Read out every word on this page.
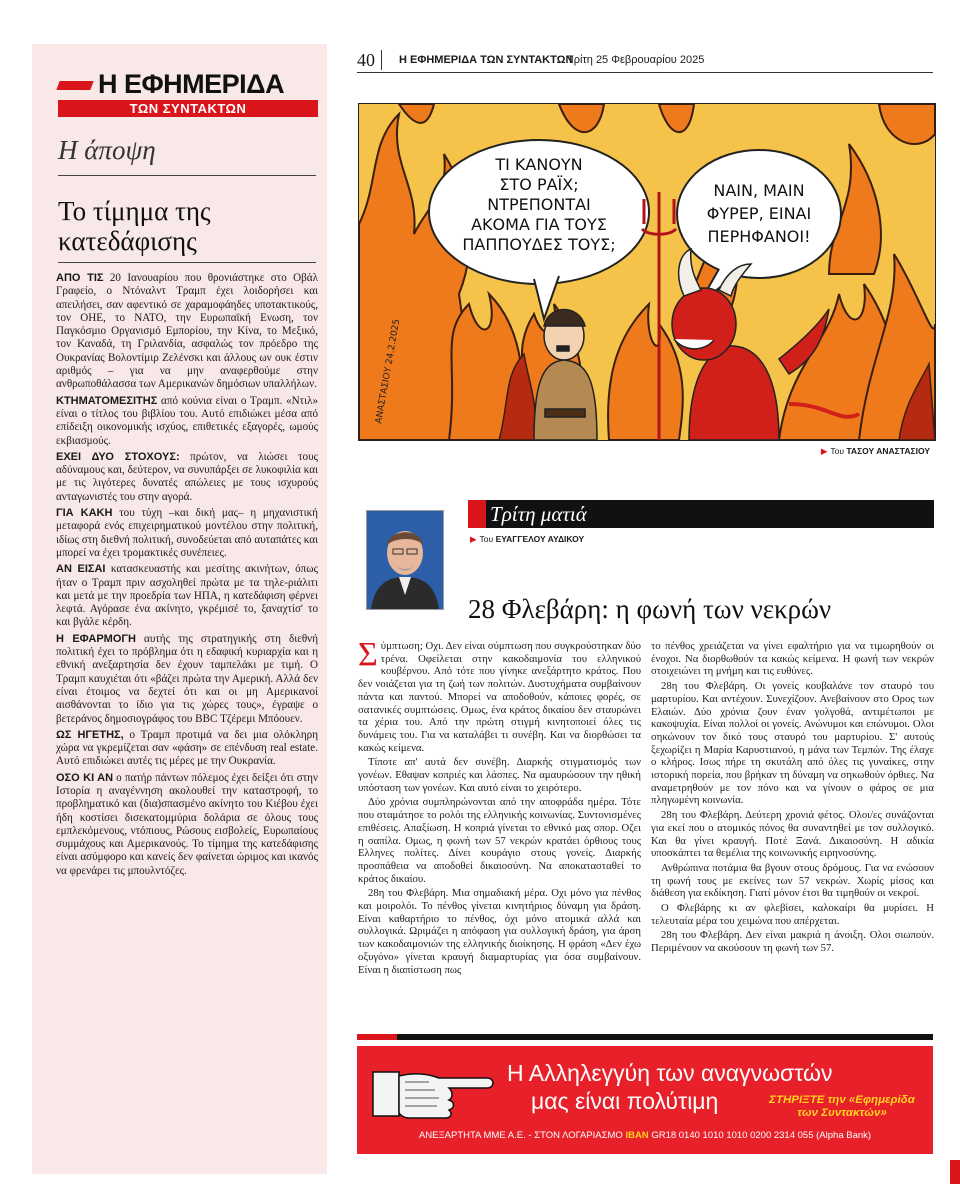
Η ΕΦΗΜΕΡΙΔΑ
ΤΩΝ ΣΥΝΤΑΚΤΩΝ
Η άποψη
Το τίμημα της κατεδάφισης

ΑΠΟ ΤΙΣ 20 Ιανουαρίου που θρονιάστηκε στο Οβάλ Γραφείο, ο Ντόναλντ Τραμπ έχει λοιδορήσει και απειλήσει, σαν αφεντικό σε χαραμοφάηδες υποτακτικούς, τον ΟΗΕ, το ΝΑΤΟ, την Ευρωπαϊκή Ενωση, τον Παγκόσμιο Οργανισμό Εμπορίου, την Κίνα, το Μεξικό, τον Καναδά, τη Γριλανδία, ασφαλώς τον πρόεδρο της Ουκρανίας Βολοντίμιρ Ζελένσκι και άλλους ων ουκ έστιν αριθμός – για να μην αναφερθούμε στην ανθρωποθάλασσα των Αμερικανών δημόσιων υπαλλήλων.

ΚΤΗΜΑΤΟΜΕΣΙΤΗΣ από κούνια είναι ο Τραμπ. «Ντιλ» είναι ο τίτλος του βιβλίου του. Αυτό επιδιώκει μέσα από επίδειξη οικονομικής ισχύος, επιθετικές εξαγορές, ωμούς εκβιασμούς.

ΕΧΕΙ ΔΥΟ ΣΤΟΧΟΥΣ: πρώτον, να λιώσει τους αδύναμους και, δεύτερον, να συνυπάρξει σε λυκοφιλία και με τις λιγότερες δυνατές απώλειες με τους ισχυρούς ανταγωνιστές του στην αγορά.

ΓΙΑ ΚΑΚΗ του τύχη –και δική μας– η μηχανιστική μεταφορά ενός επιχειρηματικού μοντέλου στην πολιτική, ιδίως στη διεθνή πολιτική, συνοδεύεται από αυταπάτες και μπορεί να έχει τρομακτικές συνέπειες.

ΑΝ ΕΙΣΑΙ κατασκευαστής και μεσίτης ακινήτων, όπως ήταν ο Τραμπ πριν ασχοληθεί πρώτα με τα τηλε-ριάλιτι και μετά με την προεδρία των ΗΠΑ, η κατεδάφιση φέρνει λεφτά. Αγόρασε ένα ακίνητο, γκρέμισέ το, ξαναχτίσ' το και βγάλε κέρδη.

Η ΕΦΑΡΜΟΓΗ αυτής της στρατηγικής στη διεθνή πολιτική έχει το πρόβλημα ότι η εδαφική κυριαρχία και η εθνική ανεξαρτησία δεν έχουν ταμπελάκι με τιμή. Ο Τραμπ καυχιέται ότι «βάζει πρώτα την Αμερική. Αλλά δεν είναι έτοιμος να δεχτεί ότι και οι μη Αμερικανοί αισθάνονται το ίδιο για τις χώρες τους», έγραψε ο βετεράνος δημοσιογράφος του BBC Τζέρεμι Μπόουεν.

ΩΣ ΗΓΕΤΗΣ, ο Τραμπ προτιμά να δει μια ολόκληρη χώρα να γκρεμίζεται σαν «φάση» σε επένδυση real estate. Αυτό επιδιώκει αυτές τις μέρες με την Ουκρανία.

ΟΣΟ ΚΙ ΑΝ ο πατήρ πάντων πόλεμος έχει δείξει ότι στην Ιστορία η αναγέννηση ακολουθεί την καταστροφή, το προβληματικό και (δια)σπασμένο ακίνητο του Κιέβου έχει ήδη κοστίσει δισεκατομμύρια δολάρια σε όλους τους εμπλεκόμενους, ντόπιους, Ρώσους εισβολείς, Ευρωπαίους συμμάχους και Αμερικανούς. Το τίμημα της κατεδάφισης είναι ασύμφορο και κανείς δεν φαίνεται ώριμος και ικανός να φρενάρει τις μπουλντόζες.

40	Η ΕΦΗΜΕΡΙΔΑ ΤΩΝ ΣΥΝΤΑΚΤΩΝ
Τρίτη 25 Φεβρουαρίου 2025
ΤΙ ΚΑΝΟΥΝ
ΣΤΟ ΡΑΪΧ;
ΝΤΡΕΠΟΝΤΑΙ
ΑΚΟΜΑ ΓΙΑ ΤΟΥΣ
ΠΑΠΠΟΥΔΕΣ ΤΟΥΣ;
ΝΑΙΝ, ΜΑΙΝ
ΦΥΡΕΡ, ΕΙΝΑΙ
ΠΕΡΗΦΑΝΟΙ!
ΑΝΑΣΤΑΣΙΟΥ 24.2.2025
▶ Του ΤΑΣΟΥ ΑΝΑΣΤΑΣΙΟΥ
Τρίτη ματιά
▶ Του ΕΥΑΓΓΕΛΟΥ ΑΥΔΙΚΟΥ
28 Φλεβάρη: η φωνή των νεκρών

Σύμπτωση; Οχι. Δεν είναι σύμπτωση που συγκρούστηκαν δύο τρένα. Οφείλεται στην κακοδαιμονία του ελληνικού κουβέρνου. Από τότε που γίνηκε ανεξάρτητο κράτος. Που δεν νοιάζεται για τη ζωή των πολιτών. Δυστυχήματα συμβαίνουν πάντα και παντού. Μπορεί να αποδοθούν, κάποιες φορές, σε σατανικές συμπτώσεις. Ομως, ένα κράτος δικαίου δεν σταυρώνει τα χέρια του. Από την πρώτη στιγμή κινητοποιεί όλες τις δυνάμεις του. Για να καταλάβει τι συνέβη. Και να διορθώσει τα κακώς κείμενα.

Τίποτε απ' αυτά δεν συνέβη. Διαρκής στιγματισμός των γονέων. Εθαψαν κοπριές και λάσπες. Να αμαυρώσουν την ηθική υπόσταση των γονέων. Και αυτό είναι το χειρότερο.

Δύο χρόνια συμπληρώνονται από την αποφράδα ημέρα. Τότε που σταμάτησε το ρολόι της ελληνικής κοινωνίας. Συντονισμένες επιθέσεις. Απαξίωση. Η κοπριά γίνεται το εθνικό μας σπορ. Οζει η σαπίλα. Ομως, η φωνή των 57 νεκρών κρατάει όρθιους τους Ελληνες πολίτες. Δίνει κουράγιο στους γονείς. Διαρκής προσπάθεια να αποδοθεί δικαιοσύνη. Να αποκατασταθεί το κράτος δικαίου.

28η του Φλεβάρη. Μια σημαδιακή μέρα. Οχι μόνο για πένθος και μοιρολόι. Το πένθος γίνεται κινητήριος δύναμη για δράση. Είναι καθαρτήριο το πένθος, όχι μόνο ατομικά αλλά και συλλογικά. Ωριμάζει η απόφαση για συλλογική δράση, για άρση των κακοδαιμονιών της ελληνικής διοίκησης. Η φράση «Δεν έχω οξυγόνο» γίνεται κραυγή διαμαρτυρίας για όσα συμβαίνουν. Είναι η διαπίστωση πως

το πένθος χρειάζεται να γίνει εφαλτήριο για να τιμωρηθούν οι ένοχοι. Να διορθωθούν τα κακώς κείμενα. Η φωνή των νεκρών στοιχειώνει τη μνήμη και τις ευθύνες.

28η του Φλεβάρη. Οι γονείς κουβαλάνε τον σταυρό του μαρτυρίου. Και αντέχουν. Συνεχίζουν. Ανεβαίνουν στο Ορος των Ελαιών. Δύο χρόνια ζουν έναν γολγοθά, αντιμέτωποι με κακοψυχία. Είναι πολλοί οι γονείς. Ανώνυμοι και επώνυμοι. Ολοι σηκώνουν τον δικό τους σταυρό του μαρτυρίου. Σ' αυτούς ξεχωρίζει η Μαρία Καρυστιανού, η μάνα των Τεμπών. Της έλαχε ο κλήρος. Ισως πήρε τη σκυτάλη από όλες τις γυναίκες, στην ιστορική πορεία, που βρήκαν τη δύναμη να σηκωθούν όρθιες. Να αναμετρηθούν με τον πόνο και να γίνουν ο φάρος σε μια πληγωμένη κοινωνία.

28η του Φλεβάρη. Δεύτερη χρονιά φέτος. Ολοι/ες συνάζονται για εκεί που ο ατομικός πόνος θα συναντηθεί με τον συλλογικό. Και θα γίνει κραυγή. Ποτέ Ξανά. Δικαιοσύνη. Η αδικία υποσκάπτει τα θεμέλια της κοινωνικής ειρηνοσύνης.

Ανθρώπινα ποτάμια θα βγουν στους δρόμους. Για να ενώσουν τη φωνή τους με εκείνες των 57 νεκρών. Χωρίς μίσος και διάθεση για εκδίκηση. Γιατί μόνον έτσι θα τιμηθούν οι νεκροί.

Ο Φλεβάρης κι αν φλεβίσει, καλοκαίρι θα μυρίσει. Η τελευταία μέρα του χειμώνα που απέρχεται.

28η του Φλεβάρη. Δεν είναι μακριά η άνοιξη. Ολοι σιωπούν. Περιμένουν να ακούσουν τη φωνή των 57.

Η Αλληλεγγύη των αναγνωστών
μας είναι πολύτιμη	ΣΤΗΡΙΞΤΕ την «Εφημερίδα των Συντακτών»
ΑΝΕΞΑΡΤΗΤΑ ΜΜΕ Α.Ε. - ΣΤΟΝ ΛΟΓΑΡΙΑΣΜΟ IBAN GR18 0140 1010 1010 0200 2314 055 (Alpha Bank)
